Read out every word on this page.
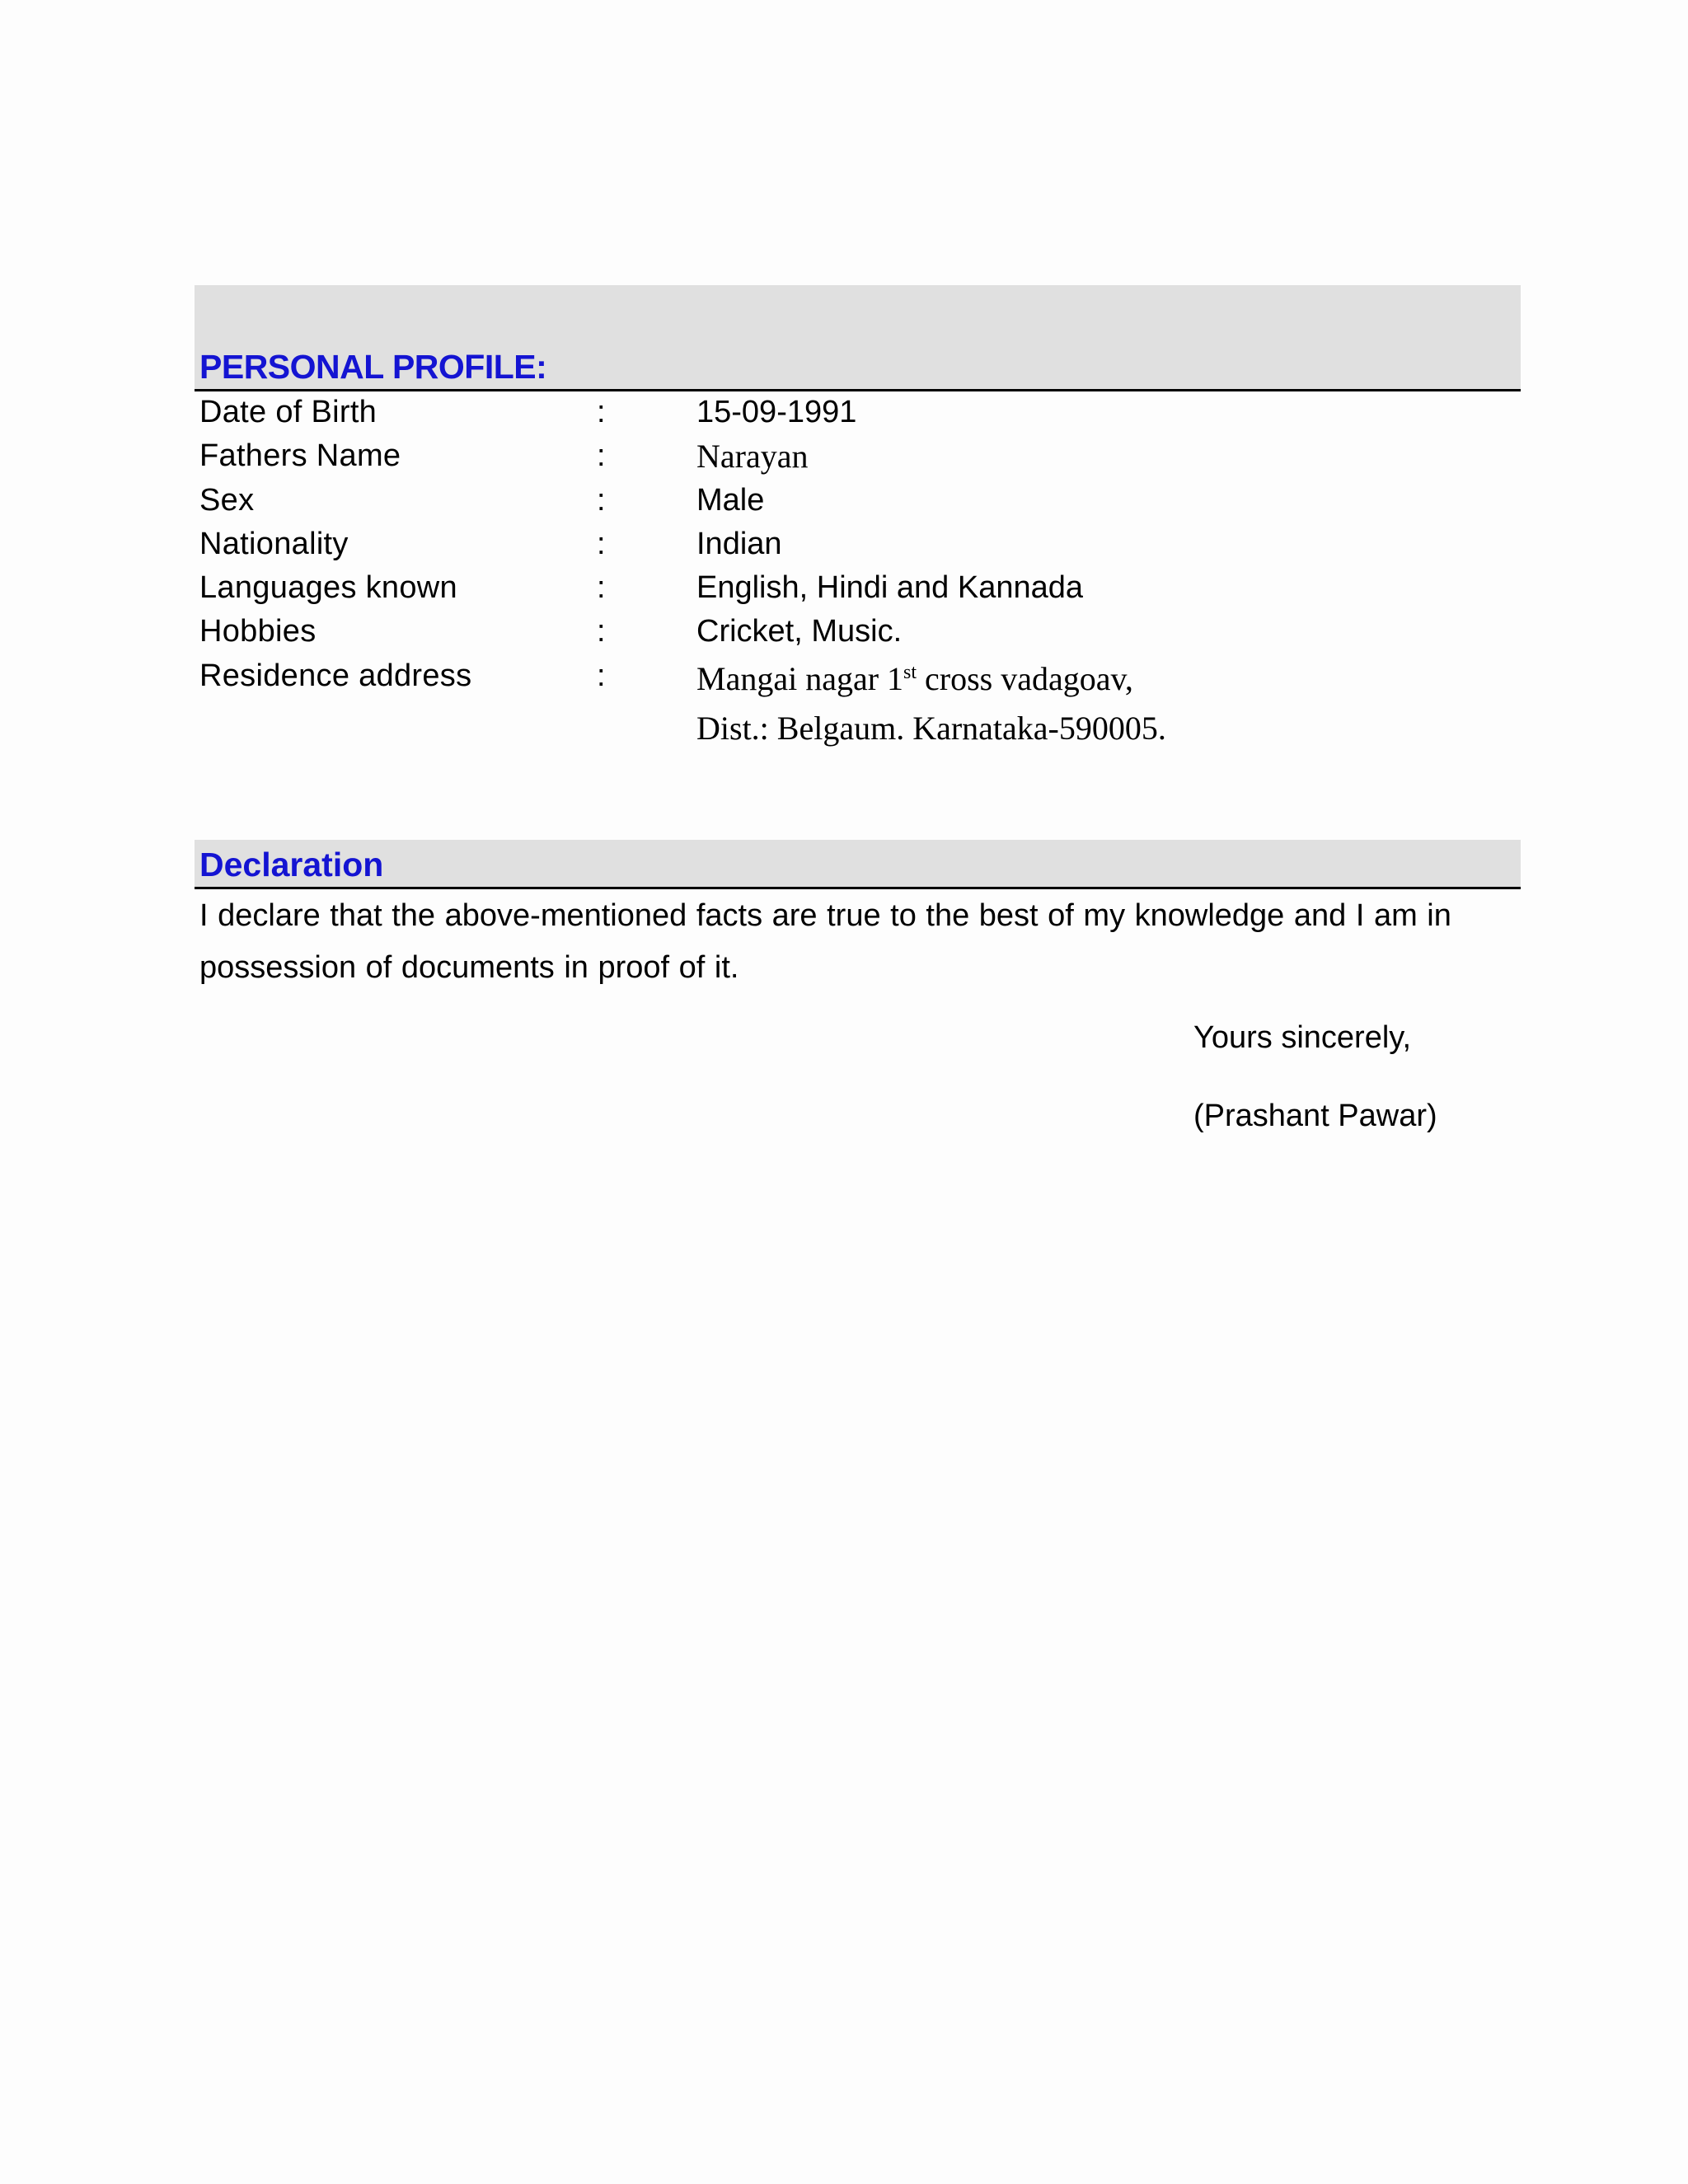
PERSONAL PROFILE:
Date of Birth	:	15-09-1991
Fathers Name	:	Narayan
Sex	:	Male
Nationality	:	Indian
Languages known	:	English, Hindi and Kannada
Hobbies	:	Cricket, Music.
Residence address	:	Mangai nagar 1st cross vadagoav,
Dist.: Belgaum. Karnataka-590005.
Declaration
I declare that the above-mentioned facts are true to the best of my knowledge and I am in possession of documents in proof of it.
Yours sincerely,
(Prashant Pawar)
